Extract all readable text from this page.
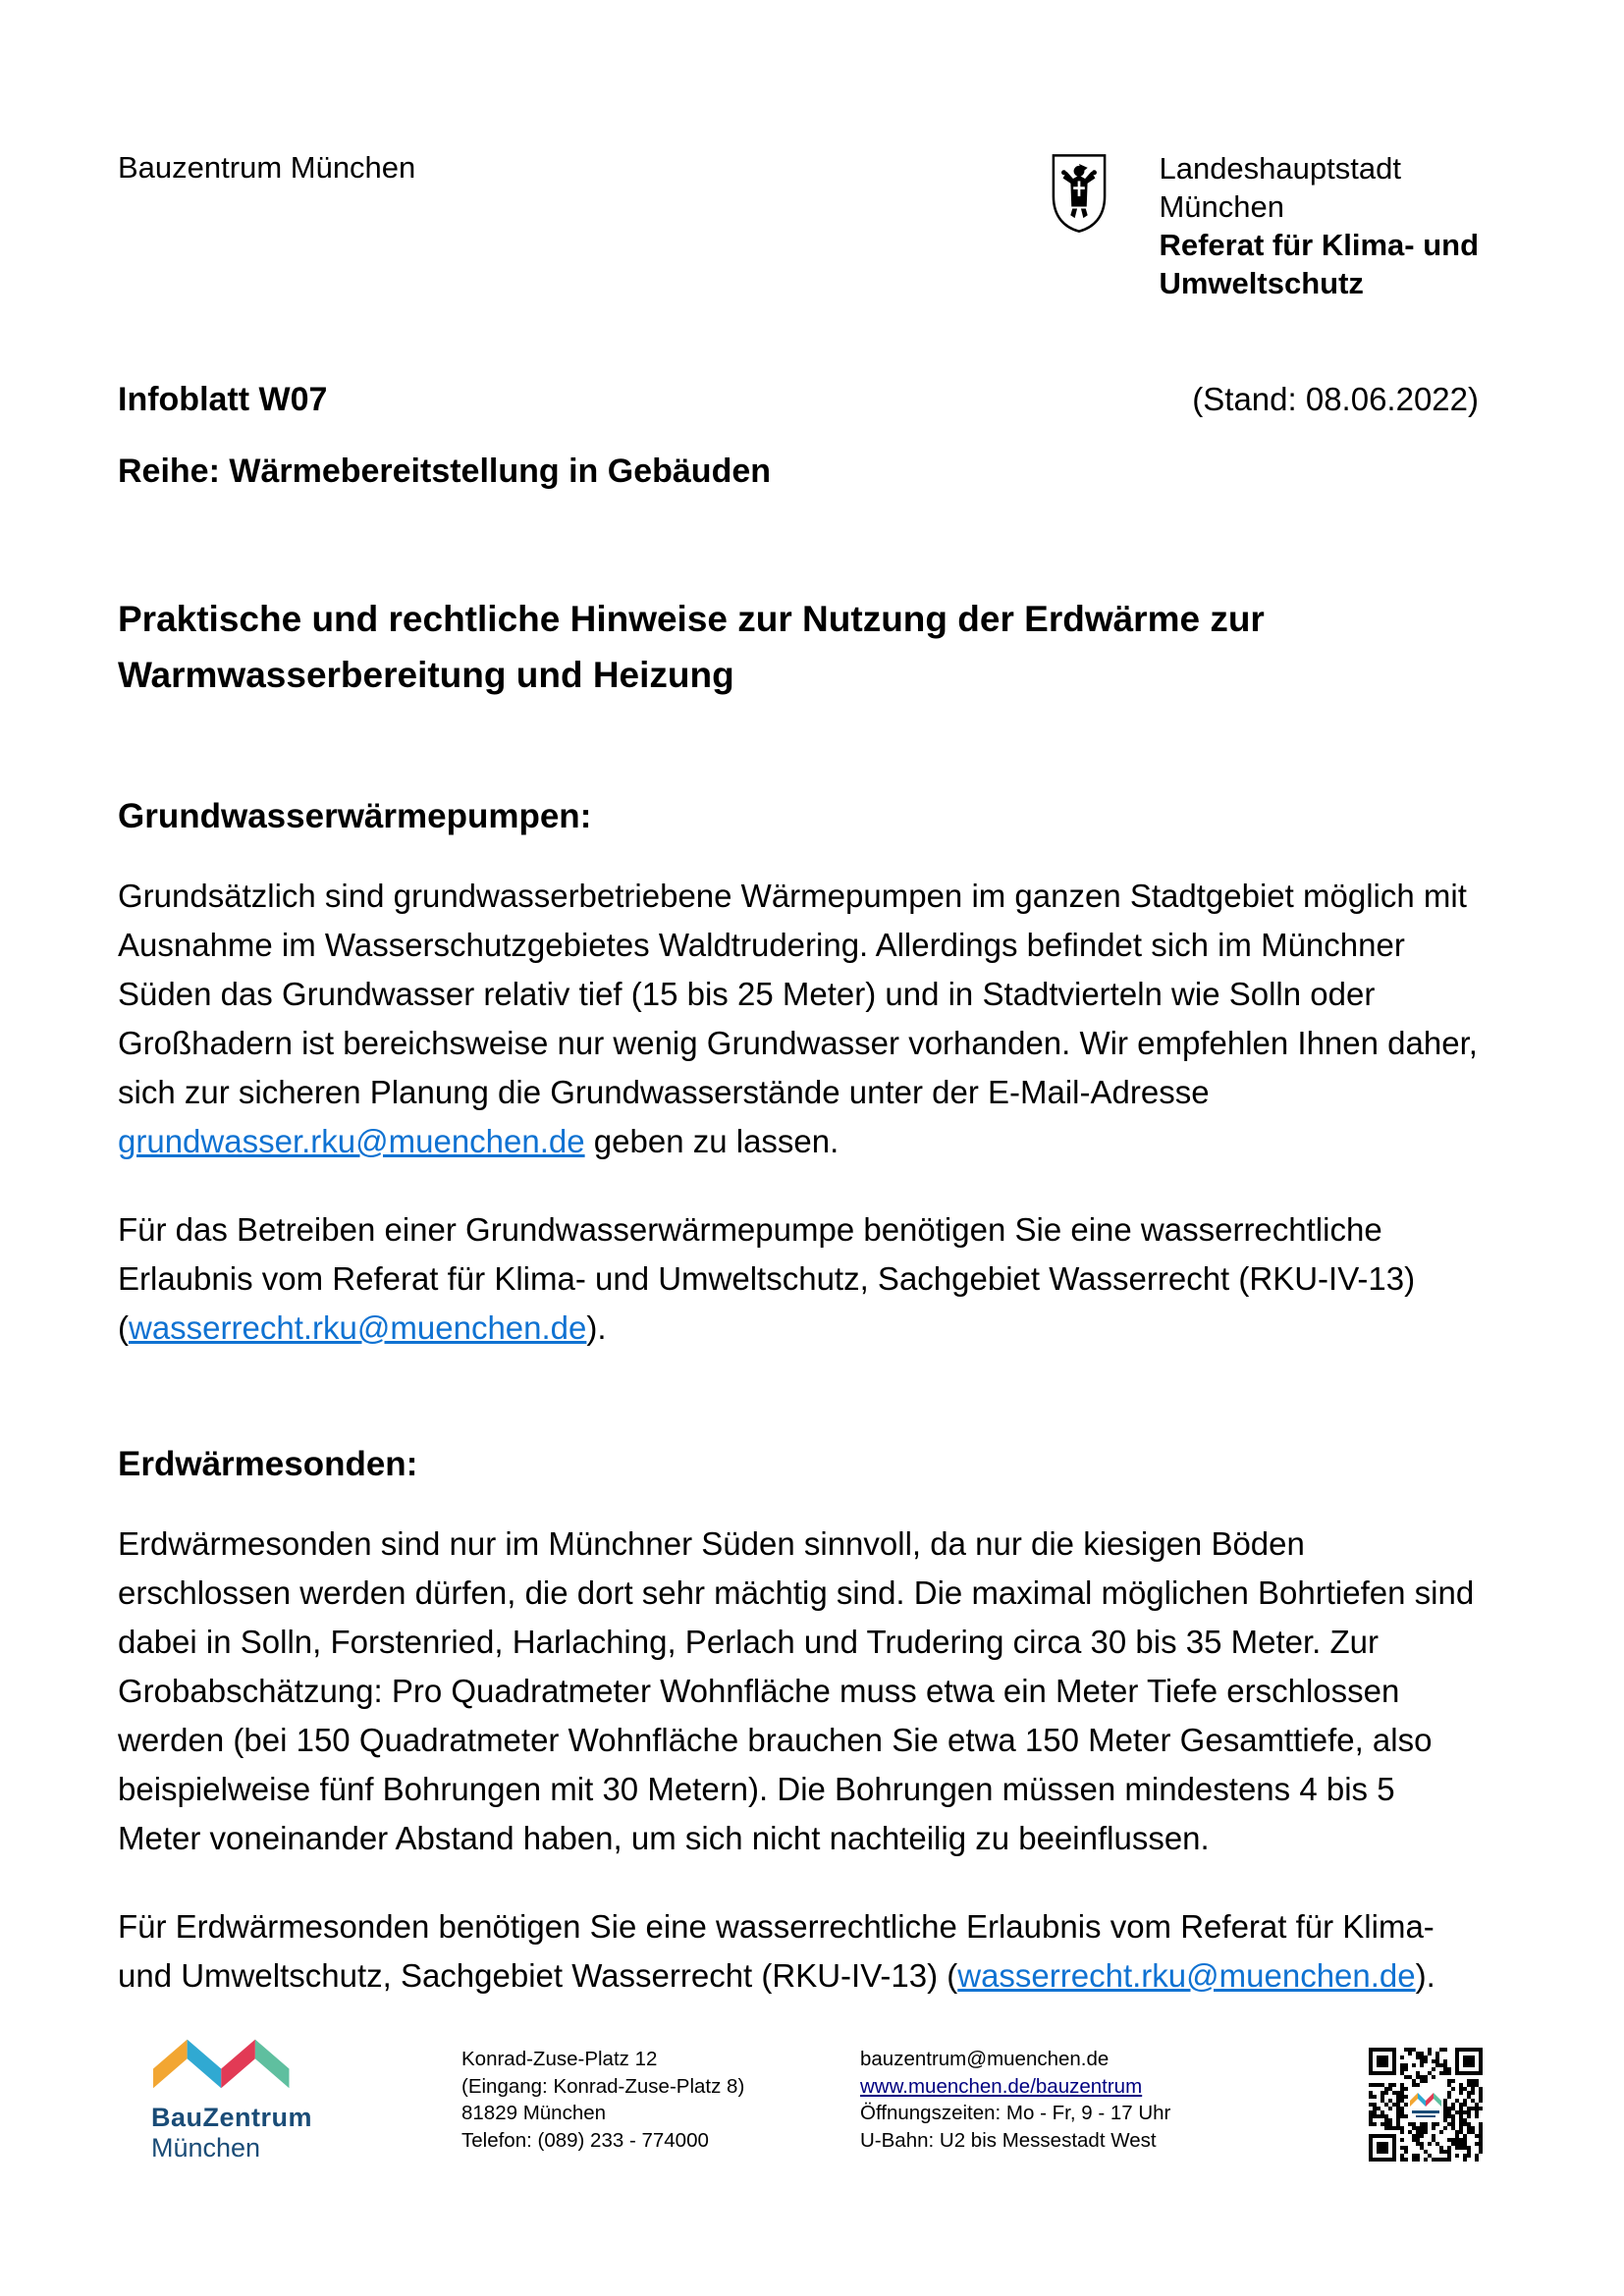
Bauzentrum München	Landeshauptstadt
München
Referat für Klima- und
Umweltschutz
Infoblatt W07	(Stand: 08.06.2022)
Reihe: Wärmebereitstellung in Gebäuden
Praktische und rechtliche Hinweise zur Nutzung der Erdwärme zur Warmwasserbereitung und Heizung
Grundwasserwärmepumpen:

Grundsätzlich sind grundwasserbetriebene Wärmepumpen im ganzen Stadtgebiet möglich mit Ausnahme im Wasserschutzgebietes Waldtrudering. Allerdings befindet sich im Münchner Süden das Grundwasser relativ tief (15 bis 25 Meter) und in Stadtvierteln wie Solln oder Großhadern ist bereichsweise nur wenig Grundwasser vorhanden. Wir empfehlen Ihnen daher, sich zur sicheren Planung die Grundwasserstände unter der E-Mail-Adresse grundwasser.rku@muenchen.de geben zu lassen.

Für das Betreiben einer Grundwasserwärmepumpe benötigen Sie eine wasserrechtliche Erlaubnis vom Referat für Klima- und Umweltschutz, Sachgebiet Wasserrecht (RKU-IV-13) (wasserrecht.rku@muenchen.de).

Erdwärmesonden:

Erdwärmesonden sind nur im Münchner Süden sinnvoll, da nur die kiesigen Böden erschlossen werden dürfen, die dort sehr mächtig sind. Die maximal möglichen Bohrtiefen sind dabei in Solln, Forstenried, Harlaching, Perlach und Trudering circa 30 bis 35 Meter. Zur Grobabschätzung: Pro Quadratmeter Wohnfläche muss etwa ein Meter Tiefe erschlossen werden (bei 150 Quadratmeter Wohnfläche brauchen Sie etwa 150 Meter Gesamttiefe, also beispielweise fünf Bohrungen mit 30 Metern). Die Bohrungen müssen mindestens 4 bis 5 Meter voneinander Abstand haben, um sich nicht nachteilig zu beeinflussen.

Für Erdwärmesonden benötigen Sie eine wasserrechtliche Erlaubnis vom Referat für Klima- und Umweltschutz, Sachgebiet Wasserrecht (RKU-IV-13) (wasserrecht.rku@muenchen.de).

BauZentrum
München
Konrad-Zuse-Platz 12
(Eingang: Konrad-Zuse-Platz 8)
81829 München
Telefon: (089) 233 - 774000
bauzentrum@muenchen.de
www.muenchen.de/bauzentrum
Öffnungszeiten: Mo - Fr, 9 - 17 Uhr
U-Bahn: U2 bis Messestadt West
